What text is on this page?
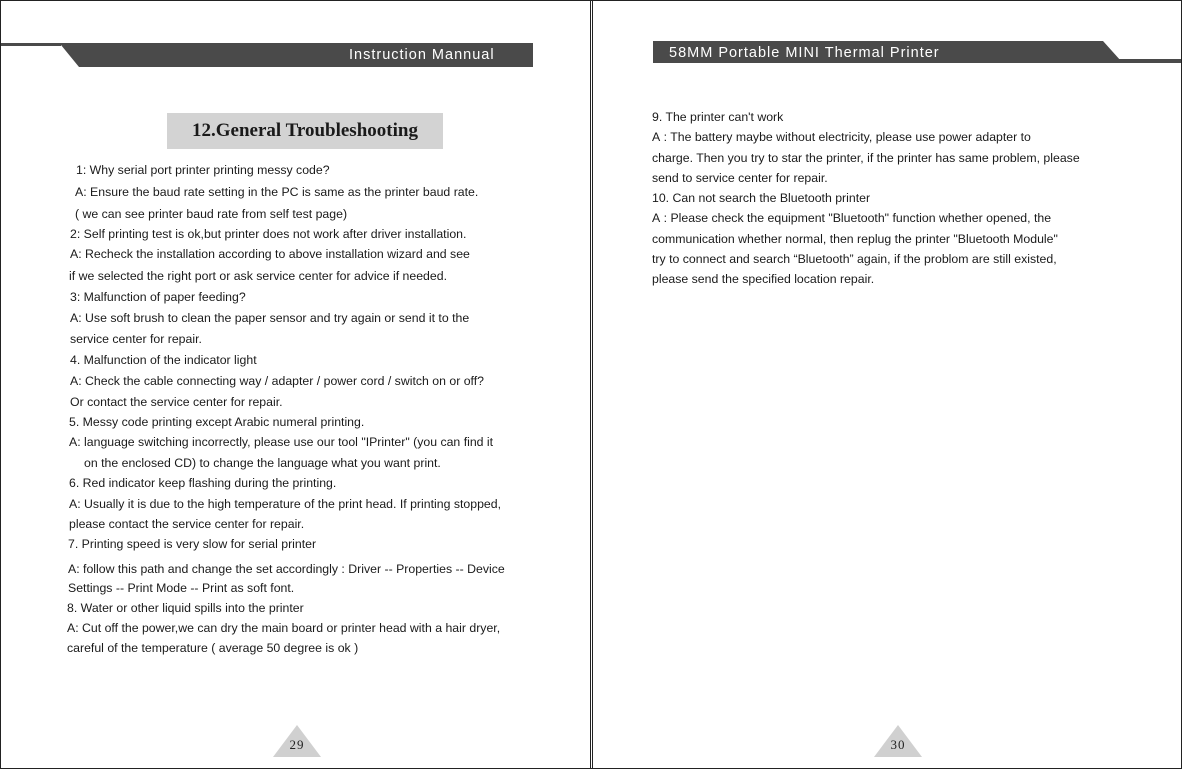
Instruction Mannual
12.General Troubleshooting
1: Why serial port printer printing messy code?
A: Ensure the baud rate setting in the PC is same as the printer baud rate.
( we can see printer baud rate from self test page)
2: Self printing test is ok,but printer does not work after driver installation.
A: Recheck the installation according to above installation wizard and see
if we selected the right port or ask service center for advice if needed.
3: Malfunction of paper feeding?
A: Use soft brush to clean the paper sensor and try again or send it to the
service center for repair.
4. Malfunction of the indicator light
A: Check the cable connecting way / adapter / power cord / switch on or off?
Or contact the service center for repair.
5. Messy code printing except Arabic numeral printing.
A: language switching incorrectly, please use our tool "IPrinter" (you can find it
on the enclosed CD) to change the language what you want print.
6. Red indicator keep flashing during the printing.
A: Usually it is due to the high temperature of the print head. If printing stopped,
please contact the service center for repair.
7. Printing speed is very slow for serial printer
A: follow this path and change the set accordingly : Driver -- Properties -- Device
Settings -- Print Mode -- Print as soft font.
8. Water or other liquid spills into the printer
A: Cut off the power,we can dry the main board or printer head with a hair dryer,
careful of the temperature ( average 50 degree is ok )
29
58MM Portable MINI Thermal Printer
9. The printer can't work
A : The battery maybe without electricity, please use power adapter to
charge. Then you try to star the printer, if the printer has same problem, please
send to service center for repair.
10. Can not search the Bluetooth printer
A : Please check the equipment "Bluetooth" function whether opened, the
communication whether normal, then replug the printer "Bluetooth Module"
try to connect and search “Bluetooth” again, if the problom are still existed,
please send the specified location repair.
30
